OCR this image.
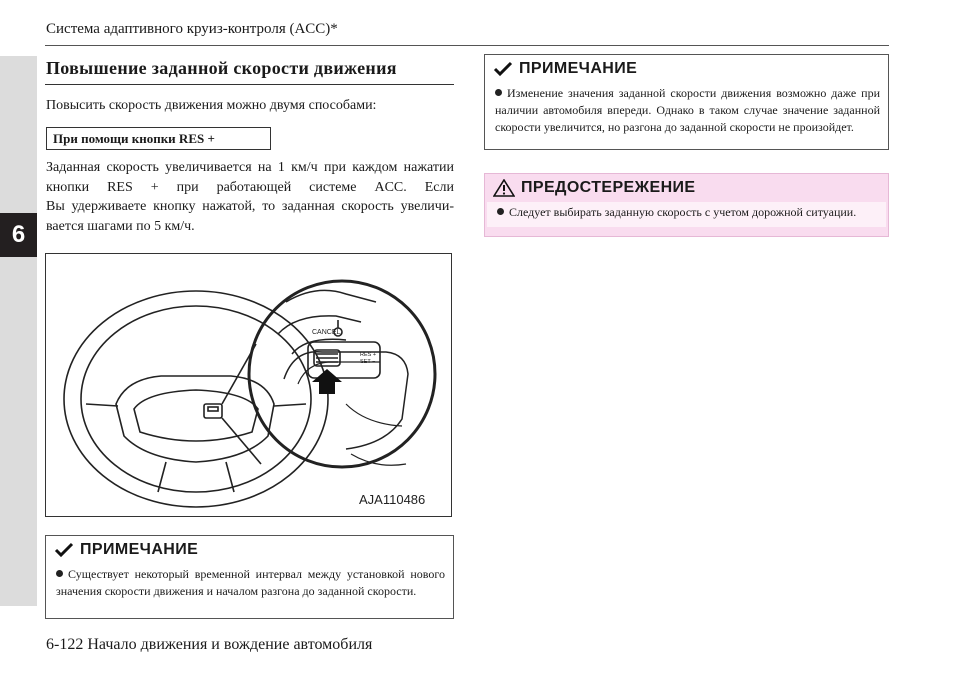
6
Система адаптивного круиз-контроля (ACC)*
Повышение заданной скорости движения
Повысить скорость движения можно двумя способами:
При помощи кнопки RES +
Заданная скорость увеличивается на 1 км/ч при каждом нажатии
кнопки RES + при работающей системе ACC. Если
Вы удерживаете кнопку нажатой, то заданная скорость увеличи-
вается шагами по 5 км/ч.
CANCEL
RES +
SET −
AJA110486
ПРИМЕЧАНИЕ
Существует некоторый временной интервал между установкой нового значения скорости движения и началом разгона до заданной скорости.
ПРИМЕЧАНИЕ
Изменение значения заданной скорости движения возможно даже при наличии автомобиля впереди. Однако в таком случае значение заданной скорости увеличится, но разгона до заданной скорости не произойдет.
ПРЕДОСТЕРЕЖЕНИЕ
Следует выбирать заданную скорость с учетом дорожной ситуации.
6-122 Начало движения и вождение автомобиля
